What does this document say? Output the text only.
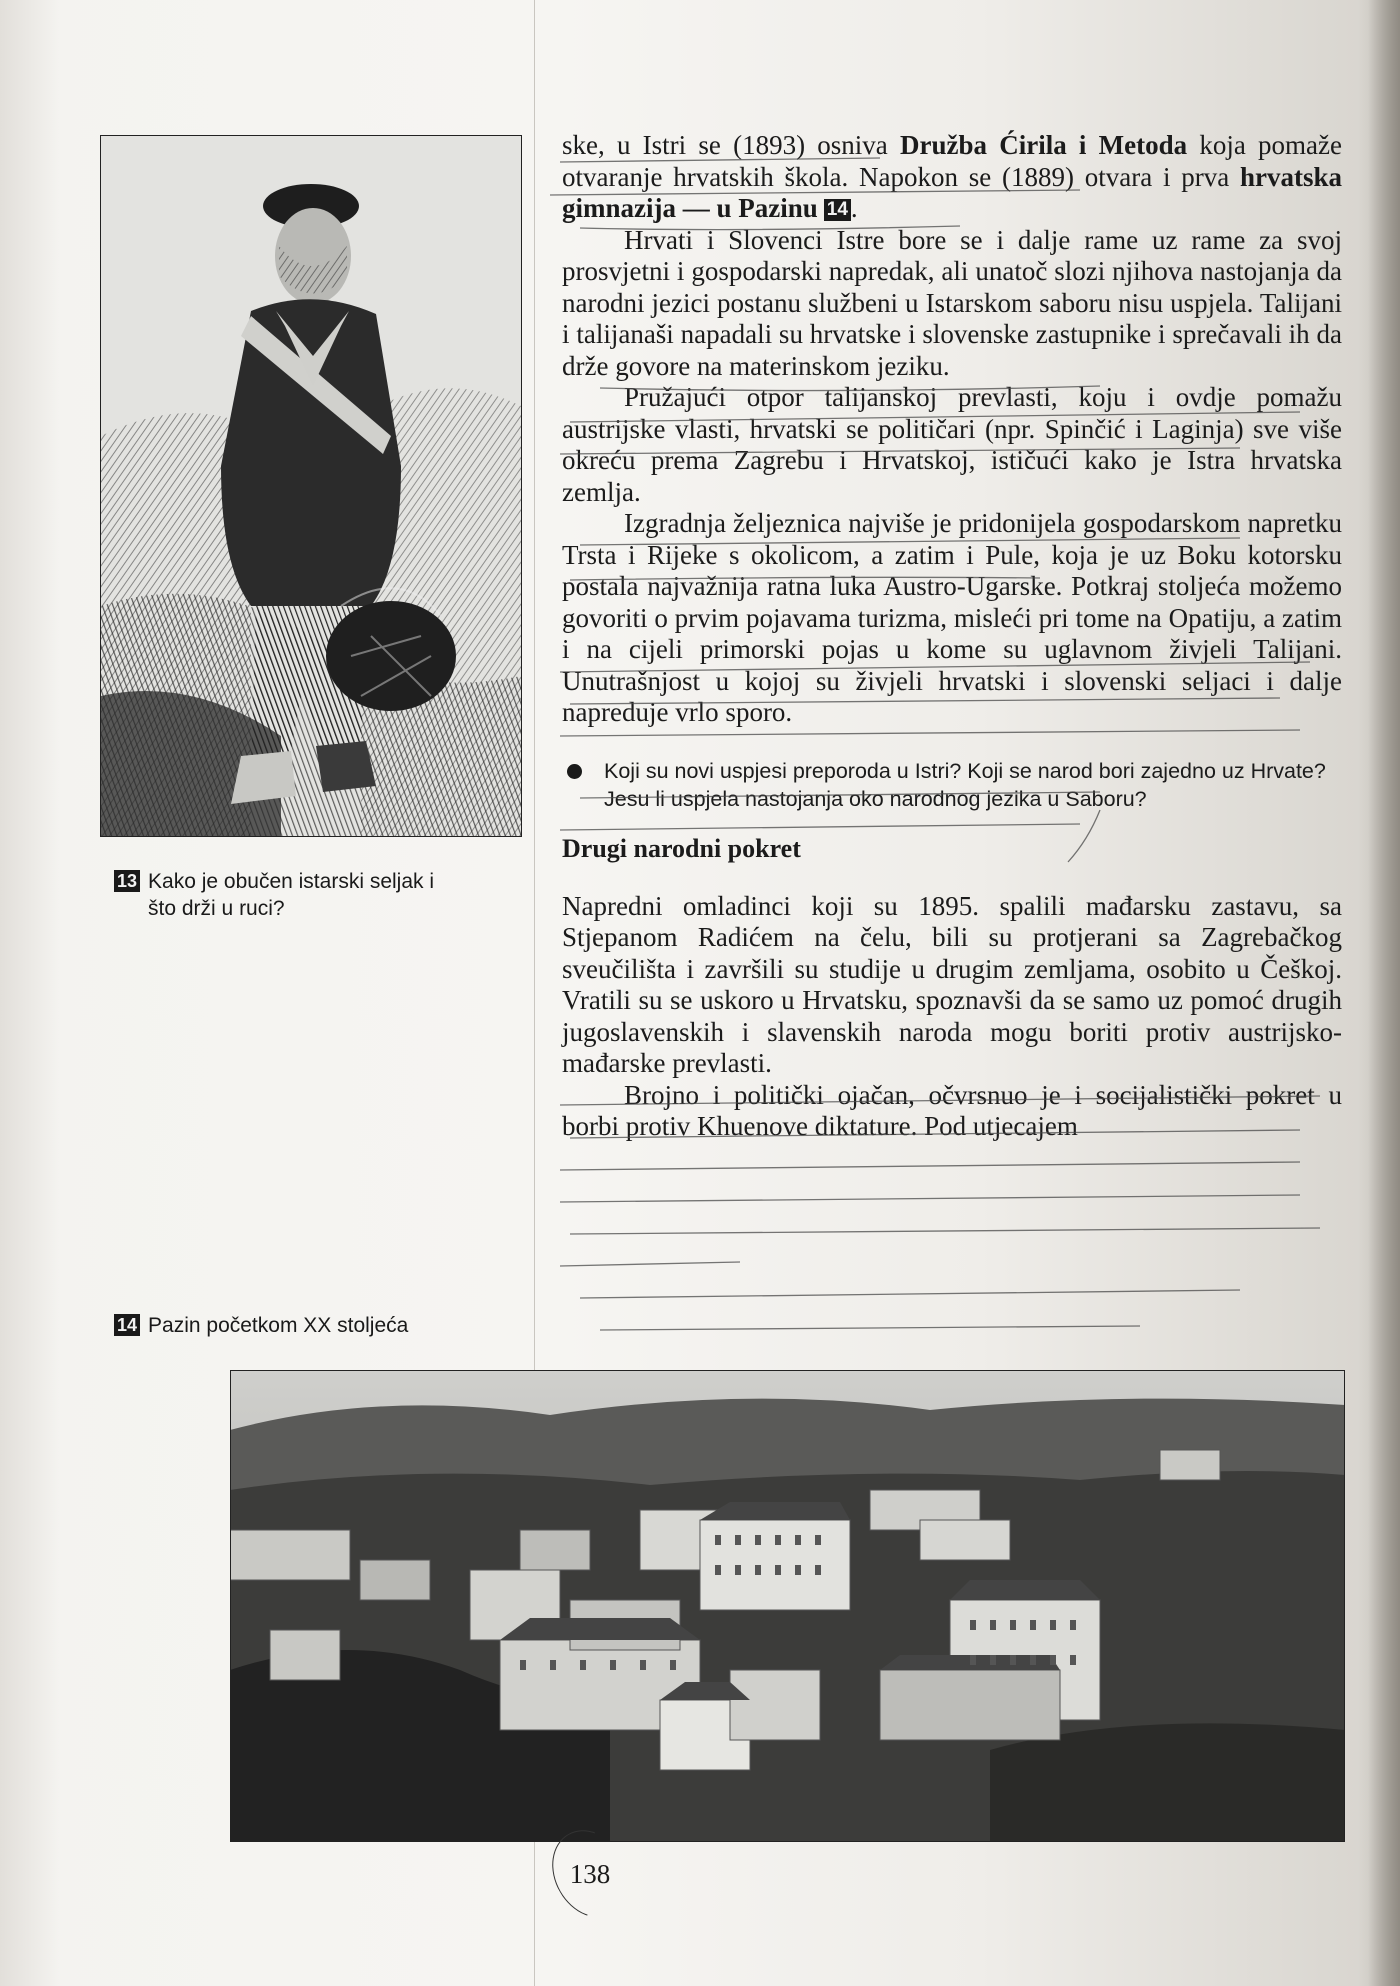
13 Kako je obučen istarski seljak i što drži u ruci?
14 Pazin početkom XX stoljeća

ske, u Istri se (1893) osniva Družba Ćirila i Metoda koja pomaže otvaranje hrvatskih škola. Napokon se (1889) otvara i prva hrvatska gimnazija — u Pazinu 14 .

Hrvati i Slovenci Istre bore se i dalje rame uz rame za svoj prosvjetni i gospodarski napredak, ali unatoč slozi njihova nastojanja da narodni jezici postanu službeni u Istarskom saboru nisu uspjela. Talijani i talijanaši napadali su hrvatske i slovenske zastupnike i sprečavali ih da drže govore na materinskom jeziku.

Pružajući otpor talijanskoj prevlasti, koju i ovdje pomažu austrijske vlasti, hrvatski se političari (npr. Spinčić i Laginja) sve više okreću prema Zagrebu i Hrvatskoj, ističući kako je Istra hrvatska zemlja.

Izgradnja željeznica najviše je pridonijela gospodarskom napretku Trsta i Rijeke s okolicom, a zatim i Pule, koja je uz Boku kotorsku postala najvažnija ratna luka Austro-Ugarske. Potkraj stoljeća možemo govoriti o prvim pojavama turizma, misleći pri tome na Opatiju, a zatim i na cijeli primorski pojas u kome su uglavnom živjeli Talijani. Unutrašnjost u kojoj su živjeli hrvatski i slovenski seljaci i dalje napreduje vrlo sporo.

Koji su novi uspjesi preporoda u Istri? Koji se narod bori zajedno uz Hrvate? Jesu li uspjela nastojanja oko narodnog jezika u Saboru?
Drugi narodni pokret

Napredni omladinci koji su 1895. spalili mađarsku zastavu, sa Stjepanom Radićem na čelu, bili su protjerani sa Zagrebačkog sveučilišta i završili su studije u drugim zemljama, osobito u Češkoj. Vratili su se uskoro u Hrvatsku, spoznavši da se samo uz pomoć drugih jugoslavenskih i slavenskih naroda mogu boriti protiv austrijsko-mađarske prevlasti.

Brojno i politički ojačan, očvrsnuo je i socijalistički pokret u borbi protiv Khuenove diktature. Pod utjecajem

138
